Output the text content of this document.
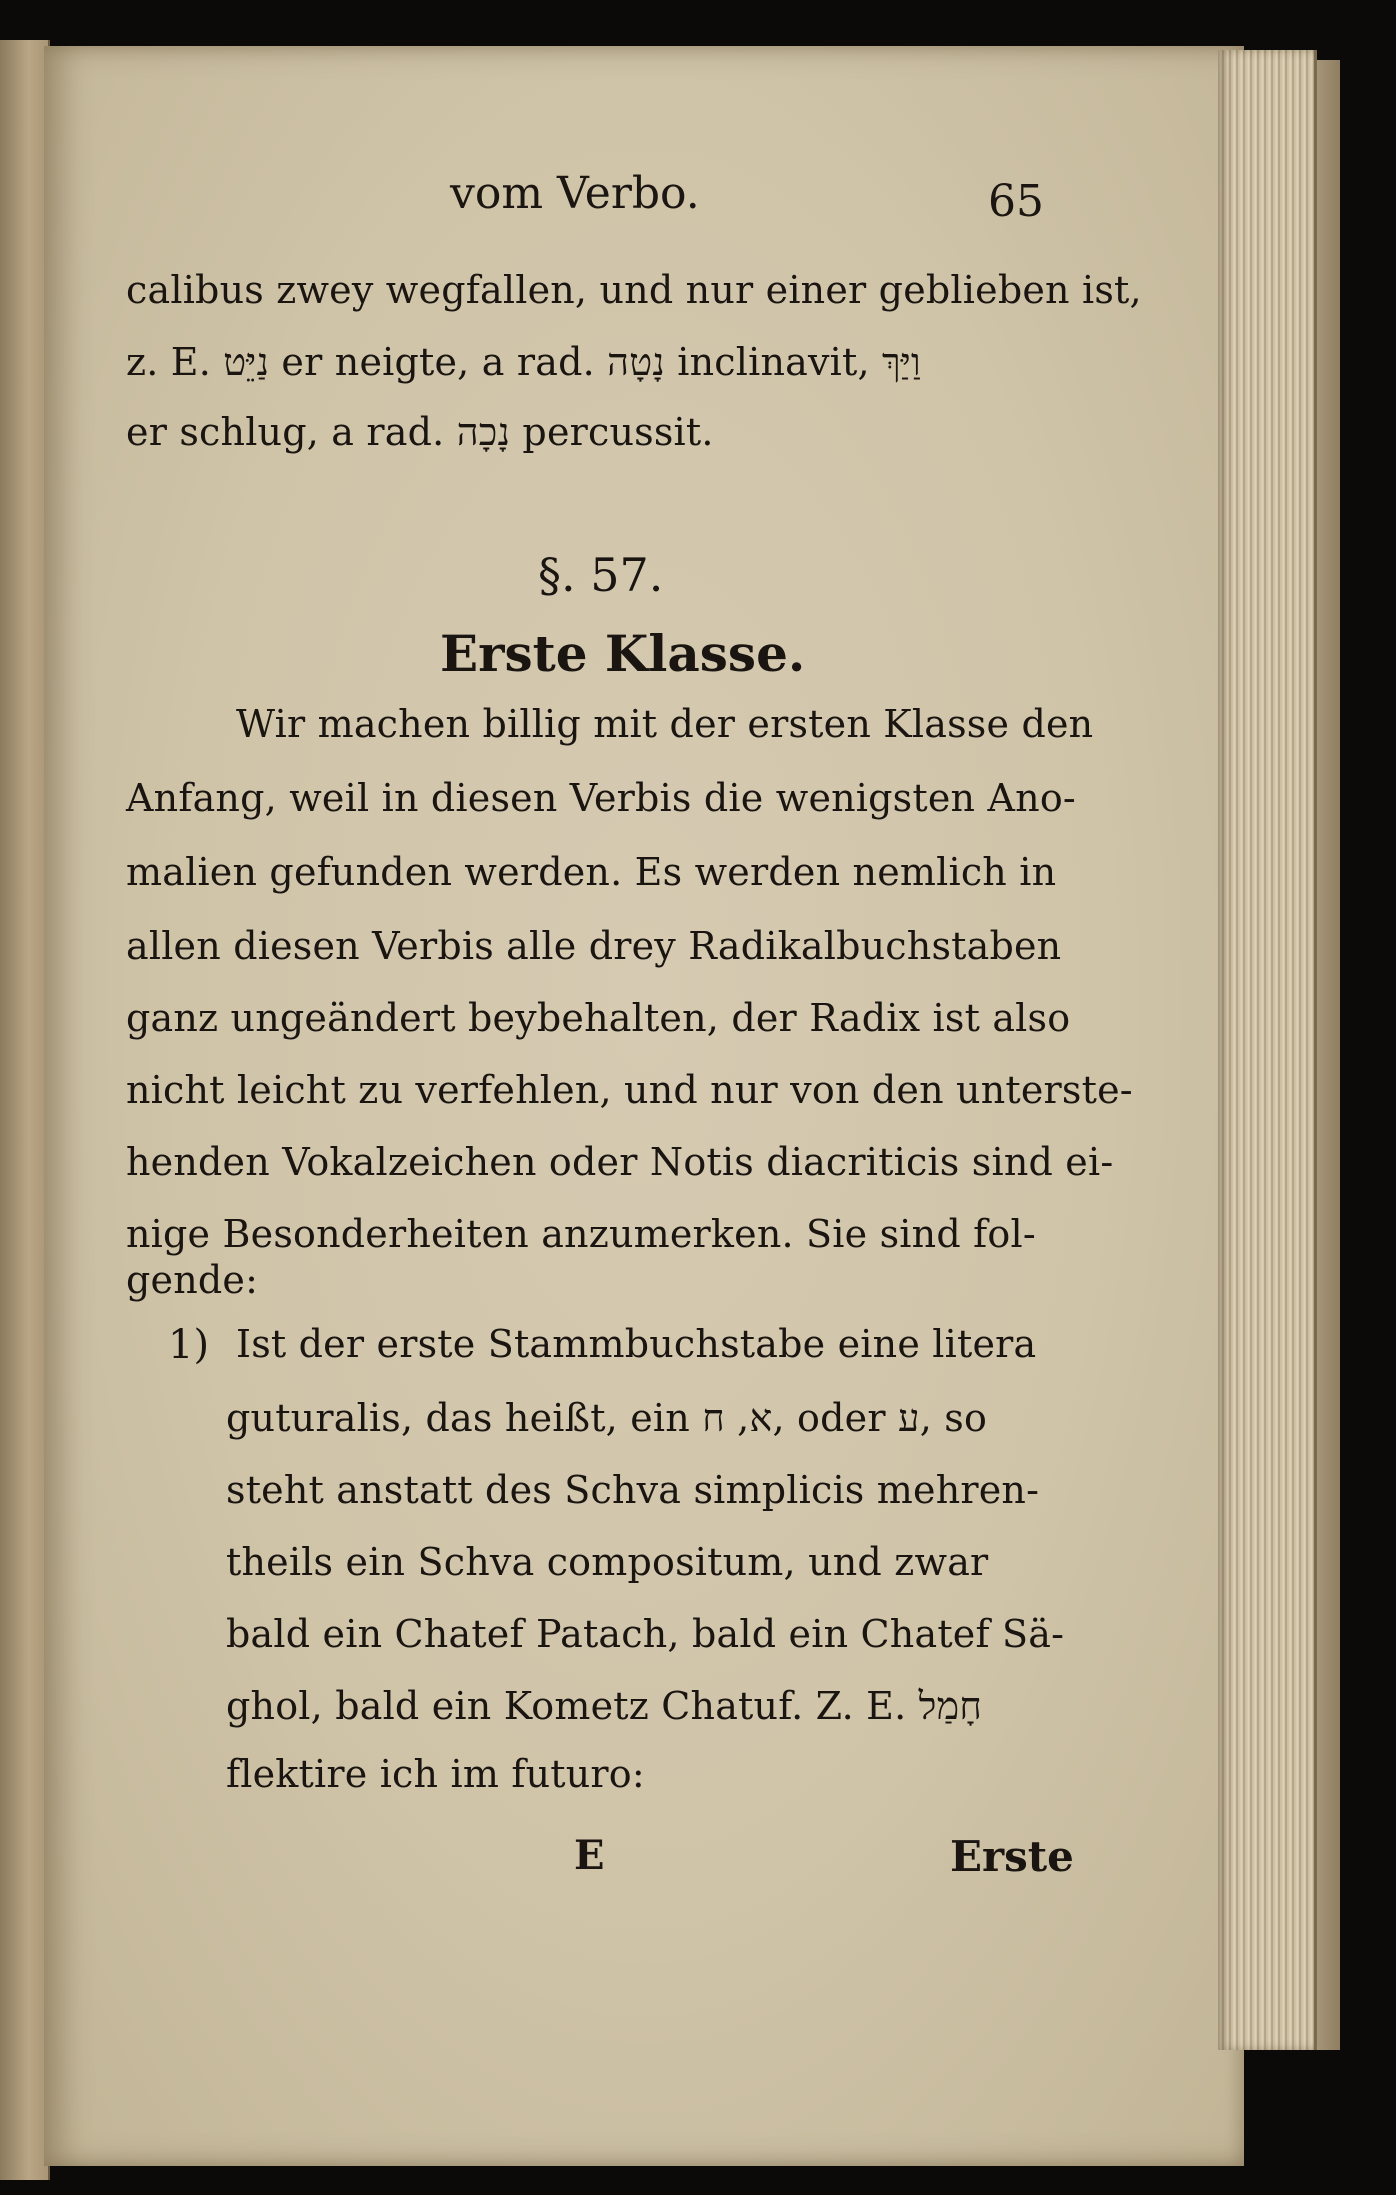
vom Verbo.	65
calibus zwey wegfallen, und nur einer geblieben ist,
z. E. נַיֵּט er neigte, a rad. נָטָה inclinavit, וַיַּךְ
er schlug, a rad. נָכָה percussit.
§. 57.
Erste Klasse.
Wir machen billig mit der ersten Klasse den
Anfang, weil in diesen Verbis die wenigsten Ano-
malien gefunden werden. Es werden nemlich in
allen diesen Verbis alle drey Radikalbuchstaben
ganz ungeändert beybehalten, der Radix ist also
nicht leicht zu verfehlen, und nur von den unterste-
henden Vokalzeichen oder Notis diacriticis sind ei-
nige Besonderheiten anzumerken. Sie sind fol-
gende:
1) Ist der erste Stammbuchstabe eine litera
guturalis, das heißt, ein א, ח, oder ע, so
steht anstatt des Schva simplicis mehren-
theils ein Schva compositum, und zwar
bald ein Chatef Patach, bald ein Chatef Sä-
ghol, bald ein Kometz Chatuf. Z. E. חָמַל
flektire ich im futuro:
E	Erste
